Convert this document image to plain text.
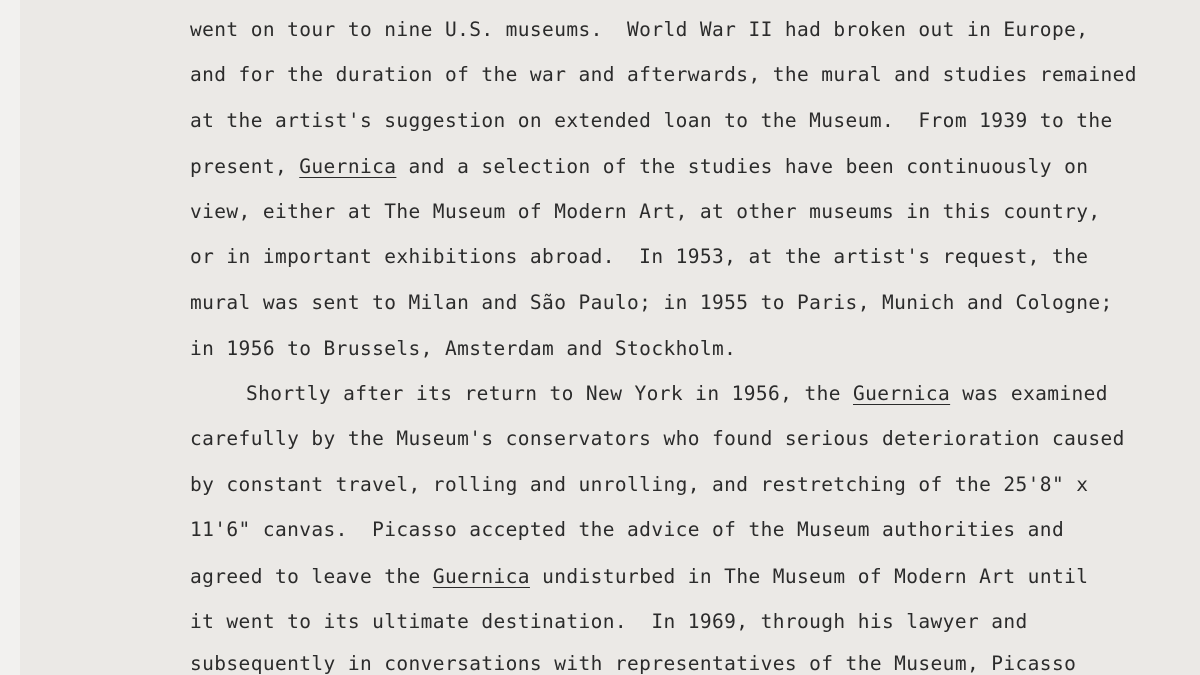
went on tour to nine U.S. museums.  World War II had broken out in Europe,
and for the duration of the war and afterwards, the mural and studies remained
at the artist's suggestion on extended loan to the Museum.  From 1939 to the
present, Guernica and a selection of the studies have been continuously on
view, either at The Museum of Modern Art, at other museums in this country,
or in important exhibitions abroad.  In 1953, at the artist's request, the
mural was sent to Milan and São Paulo; in 1955 to Paris, Munich and Cologne;
in 1956 to Brussels, Amsterdam and Stockholm.
Shortly after its return to New York in 1956, the Guernica was examined
carefully by the Museum's conservators who found serious deterioration caused
by constant travel, rolling and unrolling, and restretching of the 25'8" x
11'6" canvas.  Picasso accepted the advice of the Museum authorities and
agreed to leave the Guernica undisturbed in The Museum of Modern Art until
it went to its ultimate destination.  In 1969, through his lawyer and
subsequently in conversations with representatives of the Museum, Picasso
